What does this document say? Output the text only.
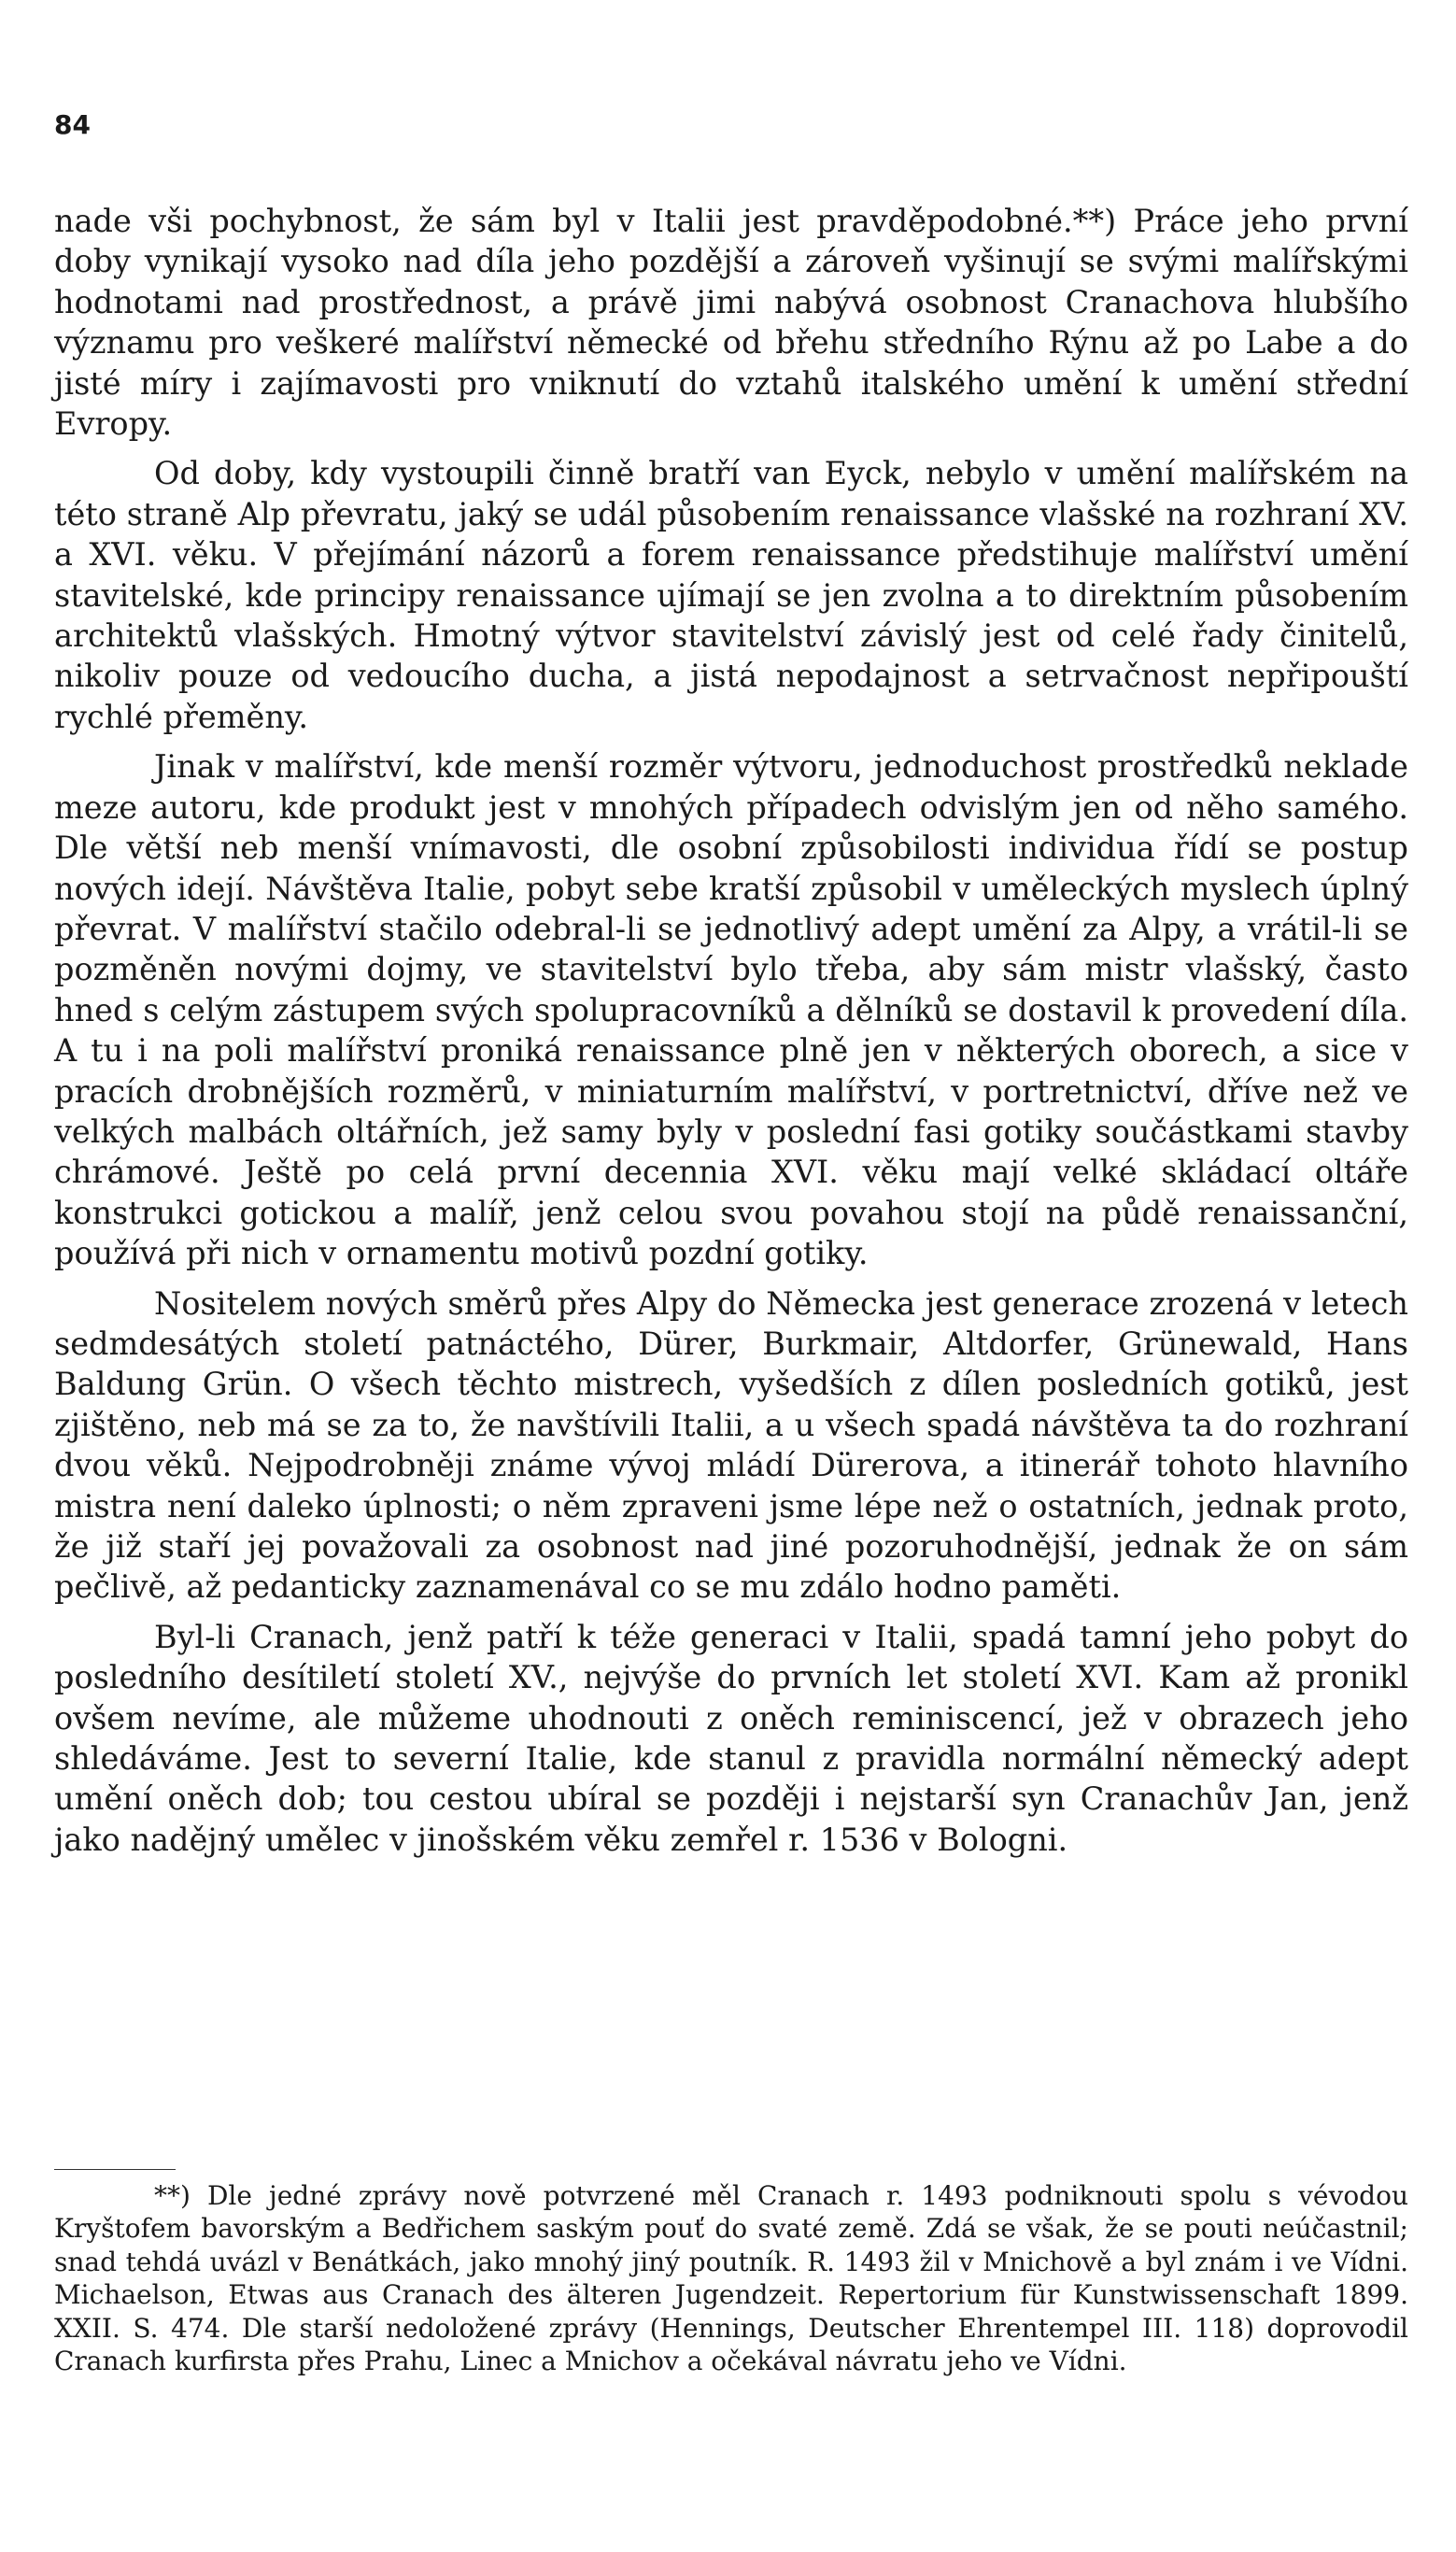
84

nade vši pochybnost, že sám byl v Italii jest pravděpodobné.**) Práce jeho první doby vynikají vysoko nad díla jeho pozdější a zároveň vyšinují se svými malířskými hodnotami nad prostřednost, a právě jimi nabývá osobnost Cranachova hlubšího významu pro veškeré malířství německé od břehu středního Rýnu až po Labe a do jisté míry i zajímavosti pro vniknutí do vztahů italského umění k umění střední Evropy.

Od doby, kdy vystoupili činně bratří van Eyck, nebylo v umění malířském na této straně Alp převratu, jaký se udál působením renaissance vlašské na rozhraní XV. a XVI. věku. V přejímání názorů a forem renaissance předstihuje malířství umění stavitelské, kde principy renaissance ujímají se jen zvolna a to direktním působením architektů vlašských. Hmotný výtvor stavitelství závislý jest od celé řady činitelů, nikoliv pouze od vedoucího ducha, a jistá nepodajnost a setrvačnost nepřipouští rychlé přeměny.

Jinak v malířství, kde menší rozměr výtvoru, jednoduchost prostředků neklade meze autoru, kde produkt jest v mnohých případech odvislým jen od něho samého. Dle větší neb menší vnímavosti, dle osobní způsobilosti individua řídí se postup nových idejí. Návštěva Italie, pobyt sebe kratší způsobil v uměleckých myslech úplný převrat. V malířství stačilo odebral-li se jednotlivý adept umění za Alpy, a vrátil-li se pozměněn novými dojmy, ve stavitelství bylo třeba, aby sám mistr vlašský, často hned s celým zástupem svých spolupracovníků a dělníků se dostavil k provedení díla. A tu i na poli malířství proniká renaissance plně jen v některých oborech, a sice v pracích drobnějších rozměrů, v miniaturním malířství, v portretnictví, dříve než ve velkých malbách oltářních, jež samy byly v poslední fasi gotiky součástkami stavby chrámové. Ještě po celá první decennia XVI. věku mají velké skládací oltáře konstrukci gotickou a malíř, jenž celou svou povahou stojí na půdě renaissanční, používá při nich v ornamentu motivů pozdní gotiky.

Nositelem nových směrů přes Alpy do Německa jest generace zrozená v letech sedmdesátých století patnáctého, Dürer, Burkmair, Altdorfer, Grünewald, Hans Baldung Grün. O všech těchto mistrech, vyšedších z dílen posledních gotiků, jest zjištěno, neb má se za to, že navštívili Italii, a u všech spadá návštěva ta do rozhraní dvou věků. Nejpodrobněji známe vývoj mládí Dürerova, a itinerář tohoto hlavního mistra není daleko úplnosti; o něm zpraveni jsme lépe než o ostatních, jednak proto, že již staří jej považovali za osobnost nad jiné pozoruhodnější, jednak že on sám pečlivě, až pedanticky zaznamenával co se mu zdálo hodno paměti.

Byl-li Cranach, jenž patří k téže generaci v Italii, spadá tamní jeho pobyt do posledního desítiletí století XV., nejvýše do prvních let století XVI. Kam až pronikl ovšem nevíme, ale můžeme uhodnouti z oněch reminiscencí, jež v obrazech jeho shledáváme. Jest to severní Italie, kde stanul z pravidla normální německý adept umění oněch dob; tou cestou ubíral se později i nejstarší syn Cranachův Jan, jenž jako nadějný umělec v jinošském věku zemřel r. 1536 v Bologni.

**) Dle jedné zprávy nově potvrzené měl Cranach r. 1493 podniknouti spolu s vévodou Kryštofem bavorským a Bedřichem saským pouť do svaté země. Zdá se však, že se pouti neúčastnil; snad tehdá uvázl v Benátkách, jako mnohý jiný poutník. R. 1493 žil v Mnichově a byl znám i ve Vídni. Michaelson, Etwas aus Cranach des älteren Jugendzeit. Repertorium für Kunstwissenschaft 1899. XXII. S. 474. Dle starší nedoložené zprávy (Hennings, Deutscher Ehrentempel III. 118) doprovodil Cranach kurfirsta přes Prahu, Linec a Mnichov a očekával návratu jeho ve Vídni.
